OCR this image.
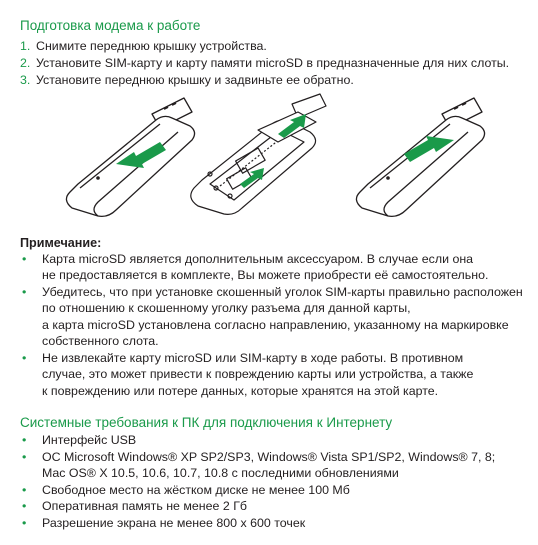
Подготовка модема к работе
1. Снимите переднюю крышку устройства.
2. Установите SIM-карту и карту памяти microSD в предназначенные для них слоты.
3. Установите переднюю крышку и задвиньте ее обратно.
Примечание:
• Карта microSD является дополнительным аксессуаром. В случае если она
не предоставляется в комплекте, Вы можете приобрести её самостоятельно.
• Убедитесь, что при установке скошенный уголок SIM-карты правильно расположен
по отношению к скошенному уголку разъема для данной карты,
а карта microSD установлена согласно направлению, указанному на маркировке
собственного слота.
• Не извлекайте карту microSD или SIM-карту в ходе работы. В противном
случае, это может привести к повреждению карты или устройства, а также
к повреждению или потере данных, которые хранятся на этой карте.
Системные требования к ПК для подключения к Интернету
• Интерфейс USB
• ОС Microsoft Windows® XP SP2/SP3, Windows® Vista SP1/SP2, Windows® 7, 8;
Mac OS® X 10.5, 10.6, 10.7, 10.8 с последними обновлениями
• Свободное место на жёстком диске не менее 100 Мб
• Оперативная память не менее 2 Гб
• Разрешение экрана не менее 800 x 600 точек
